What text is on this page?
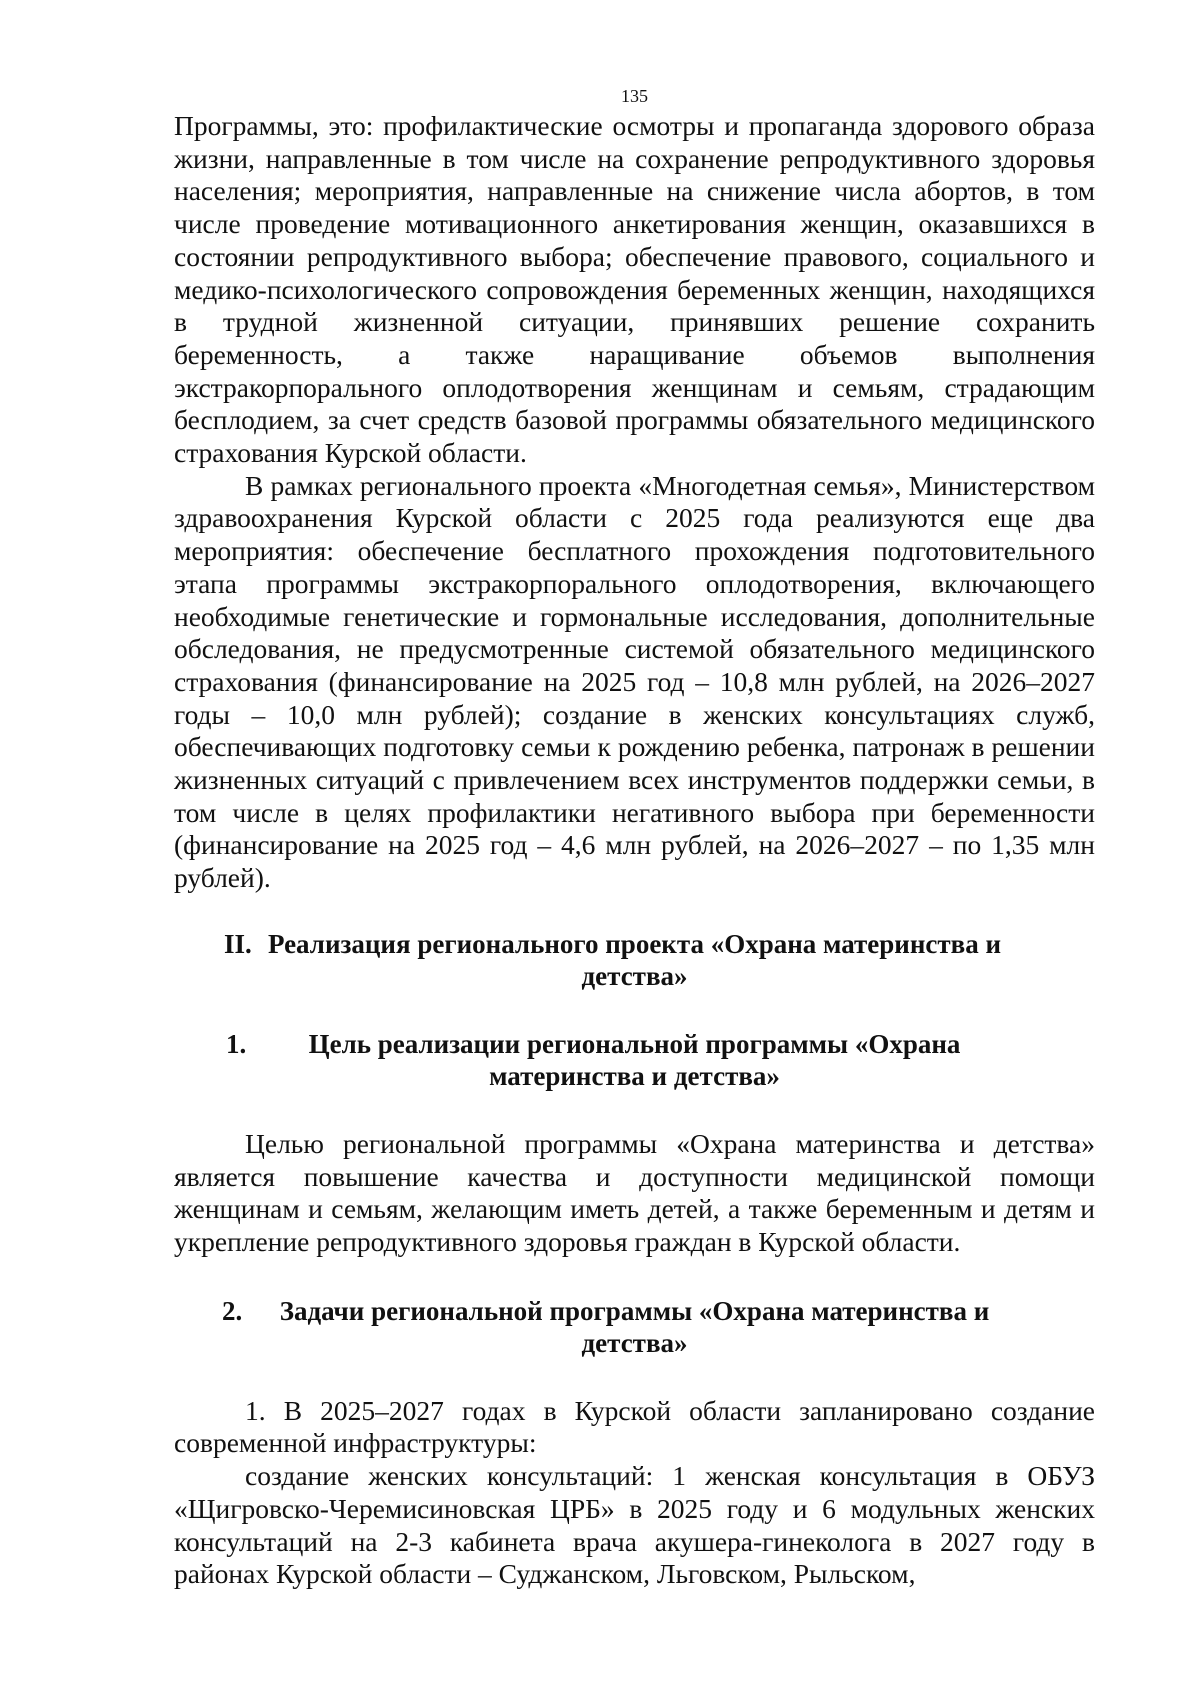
135

Программы, это: профилактические осмотры и пропаганда здорового образа жизни, направленные в том числе на сохранение репродуктивного здоровья населения; мероприятия, направленные на снижение числа абортов, в том числе проведение мотивационного анкетирования женщин, оказавшихся в состоянии репродуктивного выбора; обеспечение правового, социального и медико-психологического сопровождения беременных женщин, находящихся в трудной жизненной ситуации, принявших решение сохранить беременность, а также наращивание объемов выполнения экстракорпорального оплодотворения женщинам и семьям, страдающим бесплодием, за счет средств базовой программы обязательного медицинского страхования Курской области.

В рамках регионального проекта «Многодетная семья», Министерством здравоохранения Курской области с 2025 года реализуются еще два мероприятия: обеспечение бесплатного прохождения подготовительного этапа программы экстракорпорального оплодотворения, включающего необходимые генетические и гормональные исследования, дополнительные обследования, не предусмотренные системой обязательного медицинского страхования (финансирование на 2025 год – 10,8 млн рублей, на 2026–2027 годы – 10,0 млн рублей); создание в женских консультациях служб, обеспечивающих подготовку семьи к рождению ребенка, патронаж в решении жизненных ситуаций с привлечением всех инструментов поддержки семьи, в том числе в целях профилактики негативного выбора при беременности (финансирование на 2025 год – 4,6 млн рублей, на 2026–2027 – по 1,35 млн рублей).

II. Реализация регионального проекта «Охрана материнства и детства»
1. Цель реализации региональной программы «Охрана материнства и детства»

Целью региональной программы «Охрана материнства и детства» является повышение качества и доступности медицинской помощи женщинам и семьям, желающим иметь детей, а также беременным и детям и укрепление репродуктивного здоровья граждан в Курской области.

2. Задачи региональной программы «Охрана материнства и детства»

1. В 2025–2027 годах в Курской области запланировано создание современной инфраструктуры:

создание женских консультаций: 1 женская консультация в ОБУЗ «Щигровско-Черемисиновская ЦРБ» в 2025 году и 6 модульных женских консультаций на 2-3 кабинета врача акушера-гинеколога в 2027 году в районах Курской области – Суджанском, Льговском, Рыльском,
